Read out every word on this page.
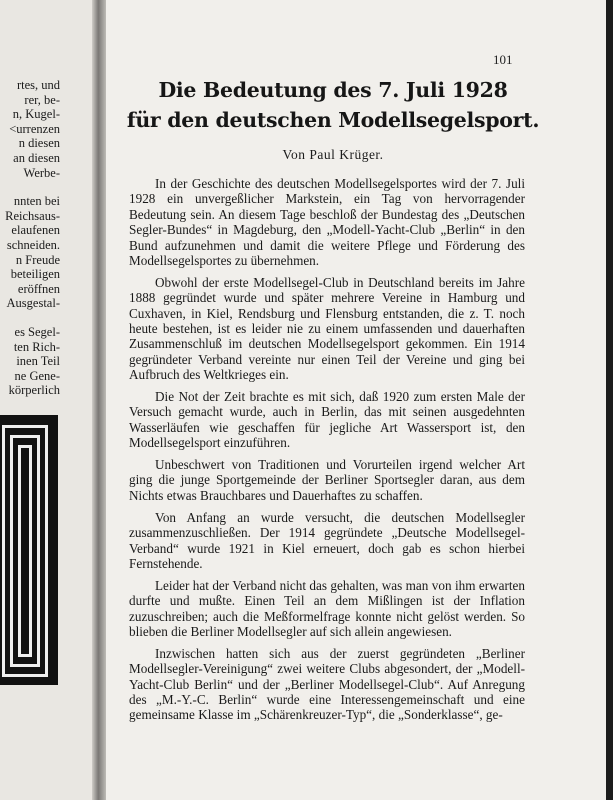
rtes, und
rer, be-
n, Kugel-
<urrenzen
n diesen
an diesen
Werbe-
nnten bei
Reichsaus-
elaufenen
schneiden.
n Freude
beteiligen
eröffnen
Ausgestal-
es Segel-
ten Rich-
inen Teil
ne Gene-
körperlich
101
Die Bedeutung des 7. Juli 1928
für den deutschen Modellsegelsport.
Von Paul Krüger.

In der Geschichte des deutschen Modellsegelsportes wird der 7. Juli 1928 ein unvergeßlicher Markstein, ein Tag von hervorragender Bedeutung sein. An diesem Tage beschloß der Bundestag des „Deutschen Segler-Bundes“ in Magdeburg, den „Modell-Yacht-Club „Berlin“ in den Bund aufzunehmen und damit die weitere Pflege und Förderung des Modellsegelsportes zu übernehmen.

Obwohl der erste Modellsegel-Club in Deutschland bereits im Jahre 1888 gegründet wurde und später mehrere Vereine in Hamburg und Cuxhaven, in Kiel, Rendsburg und Flensburg entstanden, die z. T. noch heute bestehen, ist es leider nie zu einem umfassenden und dauerhaften Zusammenschluß im deutschen Modellsegelsport gekommen. Ein 1914 gegründeter Verband vereinte nur einen Teil der Vereine und ging bei Aufbruch des Weltkrieges ein.

Die Not der Zeit brachte es mit sich, daß 1920 zum ersten Male der Versuch gemacht wurde, auch in Berlin, das mit seinen ausgedehnten Wasserläufen wie geschaffen für jegliche Art Wassersport ist, den Modellsegelsport einzuführen.

Unbeschwert von Traditionen und Vorurteilen irgend welcher Art ging die junge Sportgemeinde der Berliner Sportsegler daran, aus dem Nichts etwas Brauchbares und Dauerhaftes zu schaffen.

Von Anfang an wurde versucht, die deutschen Modellsegler zusammenzuschließen. Der 1914 gegründete „Deutsche Modellsegel-Verband“ wurde 1921 in Kiel erneuert, doch gab es schon hierbei Fernstehende.

Leider hat der Verband nicht das gehalten, was man von ihm erwarten durfte und mußte. Einen Teil an dem Mißlingen ist der Inflation zuzuschreiben; auch die Meßformelfrage konnte nicht gelöst werden. So blieben die Berliner Modellsegler auf sich allein angewiesen.

Inzwischen hatten sich aus der zuerst gegründeten „Berliner Modellsegler-Vereinigung“ zwei weitere Clubs abgesondert, der „Modell-Yacht-Club Berlin“ und der „Berliner Modellsegel-Club“. Auf Anregung des „M.-Y.-C. Berlin“ wurde eine Interessengemeinschaft und eine gemeinsame Klasse im „Schärenkreuzer-Typ“, die „Sonderklasse“, ge-
